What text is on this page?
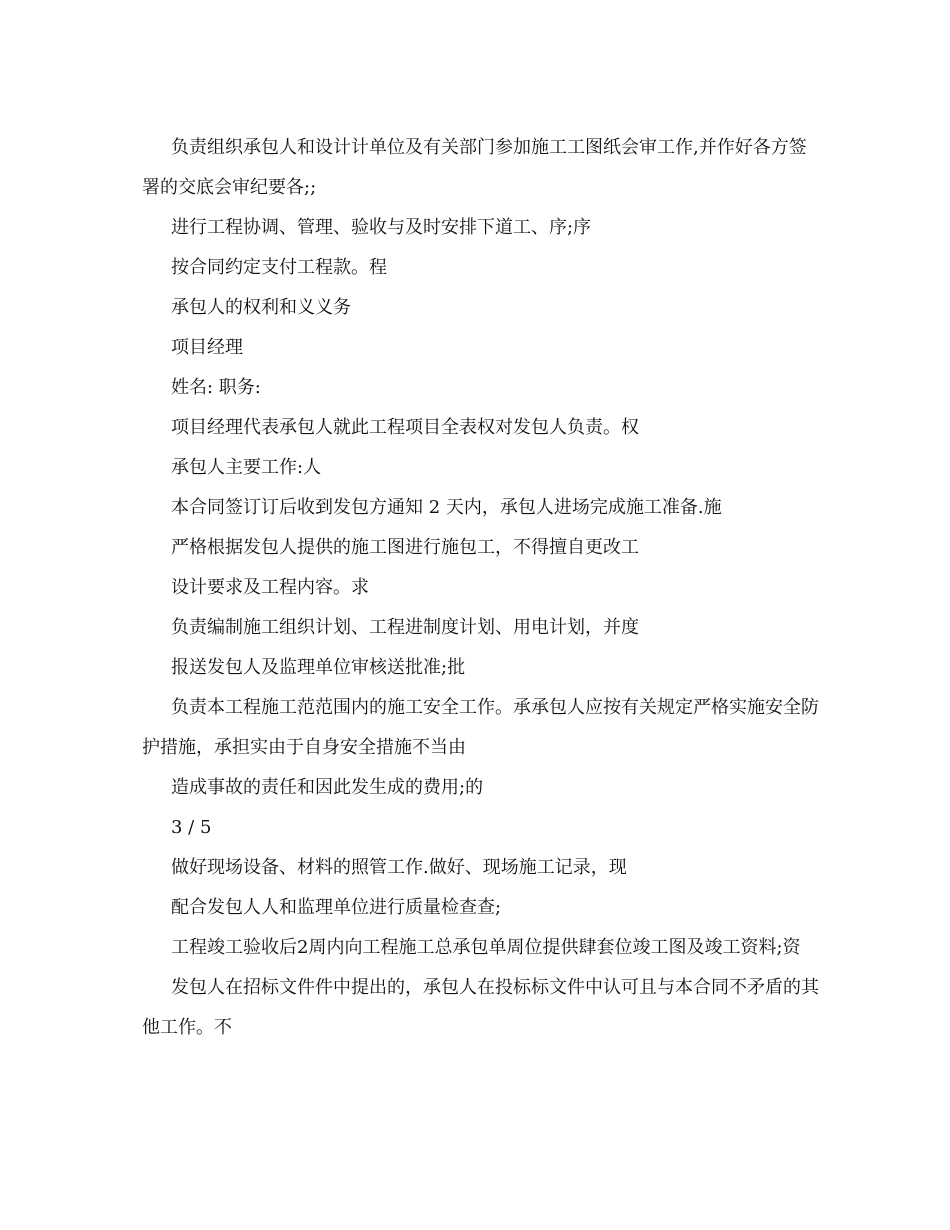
负责组织承包人和设计计单位及有关部门参加施工工图纸会审工作,并作好各方签署的交底会审纪要各;;

进行工程协调、管理、验收与及时安排下道工、序;序

按合同约定支付工程款。程

承包人的权利和义义务

项目经理

姓名: 职务:

项目经理代表承包人就此工程项目全表权对发包人负责。权

承包人主要工作:人

本合同签订订后收到发包方通知 2 天内，承包人进场完成施工准备.施

严格根据发包人提供的施工图进行施包工，不得擅自更改工

设计要求及工程内容。求

负责编制施工组织计划、工程进制度计划、用电计划，并度

报送发包人及监理单位审核送批准;批

负责本工程施工范范围内的施工安全工作。承承包人应按有关规定严格实施安全防护措施，承担实由于自身安全措施不当由

造成事故的责任和因此发生成的费用;的

3 / 5

做好现场设备、材料的照管工作.做好、现场施工记录，现

配合发包人人和监理单位进行质量检查查;

工程竣工验收后2周内向工程施工总承包单周位提供肆套位竣工图及竣工资料;资

发包人在招标文件件中提出的，承包人在投标标文件中认可且与本合同不矛盾的其他工作。不
